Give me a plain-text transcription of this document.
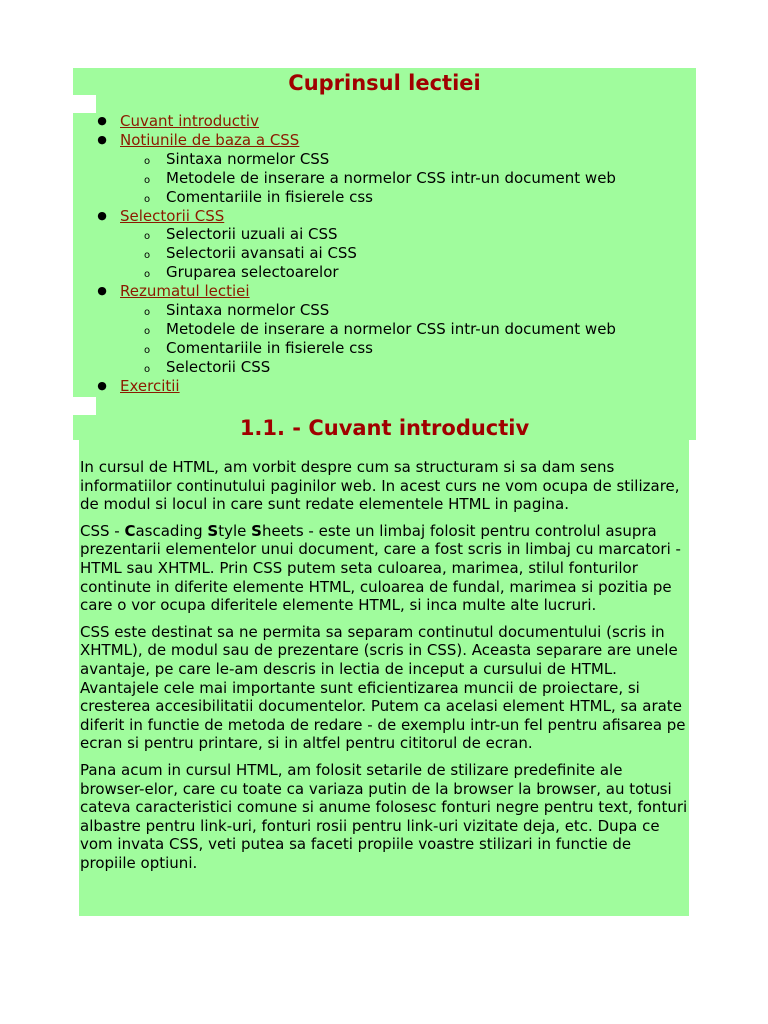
Cuprinsul lectiei
● Cuvant introductiv
● Notiunile de baza a CSS
o Sintaxa normelor CSS
o Metodele de inserare a normelor CSS intr-un document web
o Comentariile in fisierele css
● Selectorii CSS
o Selectorii uzuali ai CSS
o Selectorii avansati ai CSS
o Gruparea selectoarelor
● Rezumatul lectiei
o Sintaxa normelor CSS
o Metodele de inserare a normelor CSS intr-un document web
o Comentariile in fisierele css
o Selectorii CSS
● Exercitii
1.1. - Cuvant introductiv

In cursul de HTML, am vorbit despre cum sa structuram si sa dam sens informatiilor continutului paginilor web. In acest curs ne vom ocupa de stilizare, de modul si locul in care sunt redate elementele HTML in pagina.

CSS - Cascading Style Sheets - este un limbaj folosit pentru controlul asupra prezentarii elementelor unui document, care a fost scris in limbaj cu marcatori - HTML sau XHTML. Prin CSS putem seta culoarea, marimea, stilul fonturilor continute in diferite elemente HTML, culoarea de fundal, marimea si pozitia pe care o vor ocupa diferitele elemente HTML, si inca multe alte lucruri.

CSS este destinat sa ne permita sa separam continutul documentului (scris in XHTML), de modul sau de prezentare (scris in CSS). Aceasta separare are unele avantaje, pe care le-am descris in lectia de inceput a cursului de HTML. Avantajele cele mai importante sunt eficientizarea muncii de proiectare, si cresterea accesibilitatii documentelor. Putem ca acelasi element HTML, sa arate diferit in functie de metoda de redare - de exemplu intr-un fel pentru afisarea pe ecran si pentru printare, si in altfel pentru cititorul de ecran.

Pana acum in cursul HTML, am folosit setarile de stilizare predefinite ale browser-elor, care cu toate ca variaza putin de la browser la browser, au totusi cateva caracteristici comune si anume folosesc fonturi negre pentru text, fonturi albastre pentru link-uri, fonturi rosii pentru link-uri vizitate deja, etc. Dupa ce vom invata CSS, veti putea sa faceti propiile voastre stilizari in functie de propiile optiuni.
